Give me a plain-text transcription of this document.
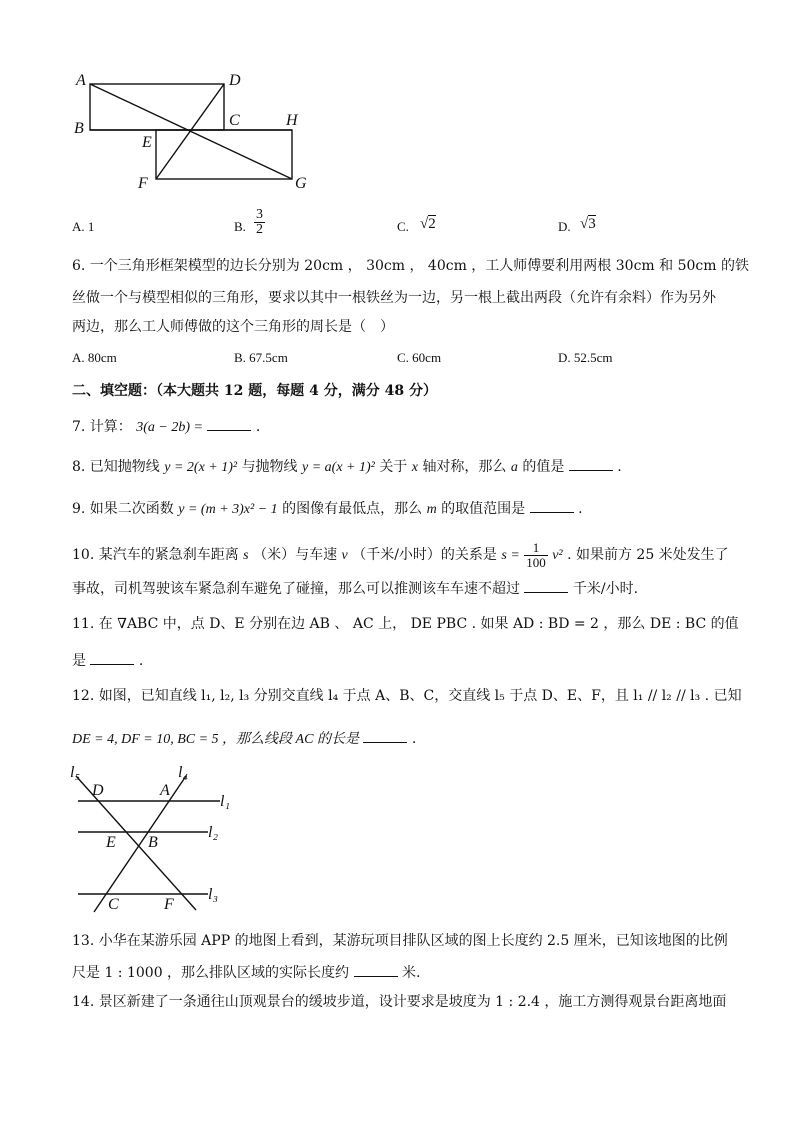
A	D
B	C	H
E
F	G
A. 1	B. $\frac{3}{2}$	C. √2	D. √3
6. 一个三角形框架模型的边长分别为 20cm ， 30cm ， 40cm ，工人师傅要利用两根 30cm 和 50cm 的铁
丝做一个与模型相似的三角形，要求以其中一根铁丝为一边，另一根上截出两段（允许有余料）作为另外
两边，那么工人师傅做的这个三角形的周长是（　）
A. 80cm	B. 67.5cm	C. 60cm	D. 52.5cm
二、填空题：（本大题共 12 题，每题 4 分，满分 48 分）
7. 计算： 3(a − 2b) =	.
8. 已知抛物线 y = 2(x + 1)² 与抛物线 y = a(x + 1)² 关于 x 轴对称，那么 a 的值是	.
9. 如果二次函数 y = (m + 3)x² − 1 的图像有最低点，那么 m 的取值范围是	.
10. 某汽车的紧急刹车距离 s （米）与车速 v （千米/小时）的关系是 $s = \frac{1}{100} v^2$ . 如果前方 25 米处发生了
事故，司机驾驶该车紧急刹车避免了碰撞，那么可以推测该车车速不超过	千米/小时.
11. 在 ∇ABC 中，点 D、E 分别在边 AB 、 AC 上， DE PBC . 如果 AD : BD = 2 ，那么 DE : BC 的值
是	.
12. 如图，已知直线 l₁, l₂, l₃ 分别交直线 l₄ 于点 A、B、C，交直线 l₅ 于点 D、E、F，且 l₁ // l₂ // l₃ . 已知
DE = 4, DF = 10, BC = 5 ，那么线段 AC 的长是	.
l₅	l₄
D	A
l₁
l₂
E B
l₃
C	F
13. 小华在某游乐园 APP 的地图上看到，某游玩项目排队区域的图上长度约 2.5 厘米，已知该地图的比例
尺是 1 : 1000 ，那么排队区域的实际长度约	米.
14. 景区新建了一条通往山顶观景台的缓坡步道，设计要求是坡度为 1 : 2.4 ，施工方测得观景台距离地面
